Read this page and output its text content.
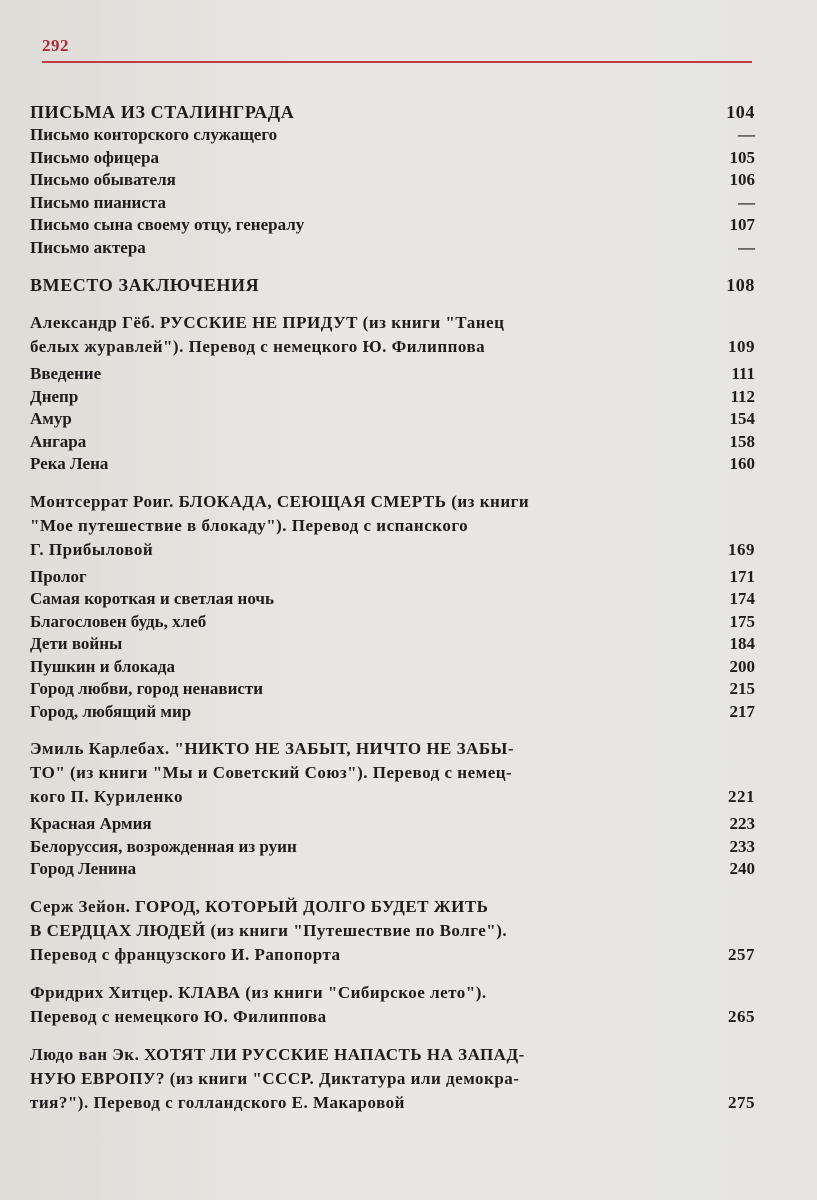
292
ПИСЬМА ИЗ СТАЛИНГРАДА	104
Письмо конторского служащего	—
Письмо офицера	105
Письмо обывателя	106
Письмо пианиста	—
Письмо сына своему отцу, генералу	107
Письмо актера	—
ВМЕСТО ЗАКЛЮЧЕНИЯ	108
Александр Гёб. РУССКИЕ НЕ ПРИДУТ (из книги "Танец
белых журавлей"). Перевод с немецкого Ю. Филиппова	109
Введение	111
Днепр	112
Амур	154
Ангара	158
Река Лена	160
Монтсеррат Роиг. БЛОКАДА, СЕЮЩАЯ СМЕРТЬ (из книги
"Мое путешествие в блокаду"). Перевод с испанского
Г. Прибыловой	169
Пролог	171
Самая короткая и светлая ночь	174
Благословен будь, хлеб	175
Дети войны	184
Пушкин и блокада	200
Город любви, город ненависти	215
Город, любящий мир	217
Эмиль Карлебах. "НИКТО НЕ ЗАБЫТ, НИЧТО НЕ ЗАБЫ-
ТО" (из книги "Мы и Советский Союз"). Перевод с немец-
кого П. Куриленко	221
Красная Армия	223
Белоруссия, возрожденная из руин	233
Город Ленина	240
Серж Зейон. ГОРОД, КОТОРЫЙ ДОЛГО БУДЕТ ЖИТЬ
В СЕРДЦАХ ЛЮДЕЙ (из книги "Путешествие по Волге").
Перевод с французского И. Рапопорта	257
Фридрих Хитцер. КЛАВА (из книги "Сибирское лето").
Перевод с немецкого Ю. Филиппова	265
Людо ван Эк. ХОТЯТ ЛИ РУССКИЕ НАПАСТЬ НА ЗАПАД-
НУЮ ЕВРОПУ? (из книги "СССР. Диктатура или демокра-
тия?"). Перевод с голландского Е. Макаровой	275
